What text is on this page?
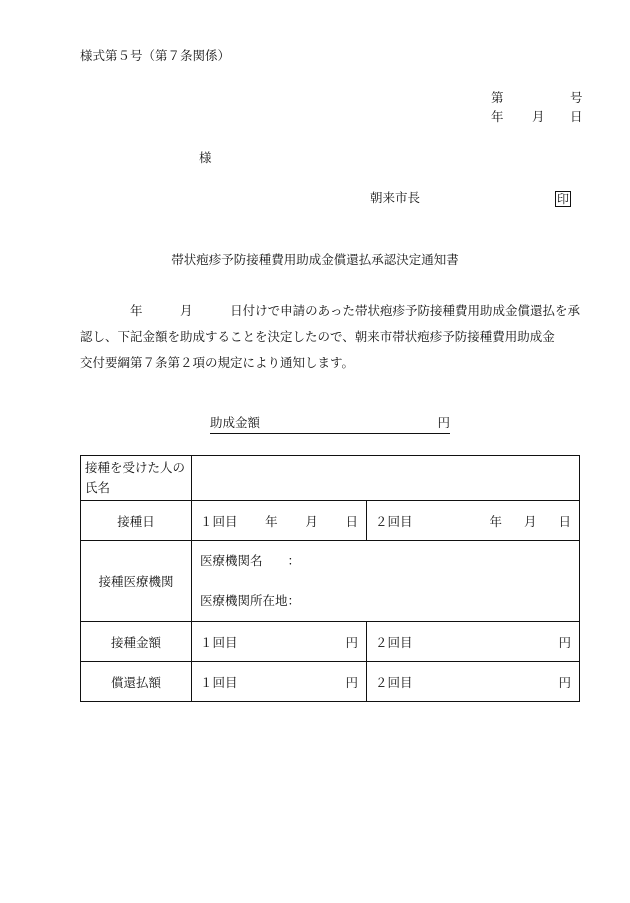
様式第５号（第７条関係）
第	号
年 月 日
様
朝来市長	印
帯状疱疹予防接種費用助成金償還払承認決定通知書
年	月	日付けで申請のあった帯状疱疹予防接種費用助成金償還払を承
認し、下記金額を助成することを決定したので、朝来市帯状疱疹予防接種費用助成金
交付要綱第７条第２項の規定により通知します。
助成金額	円
接種を受けた人の氏名		
接種日	１回目 年 月 日	２回目 年 月 日

接種医療機関	医療機関名　　：
医療機関所在地：	

接種金額	１回目 円	２回目 円

償還払額	１回目 円	２回目 円
